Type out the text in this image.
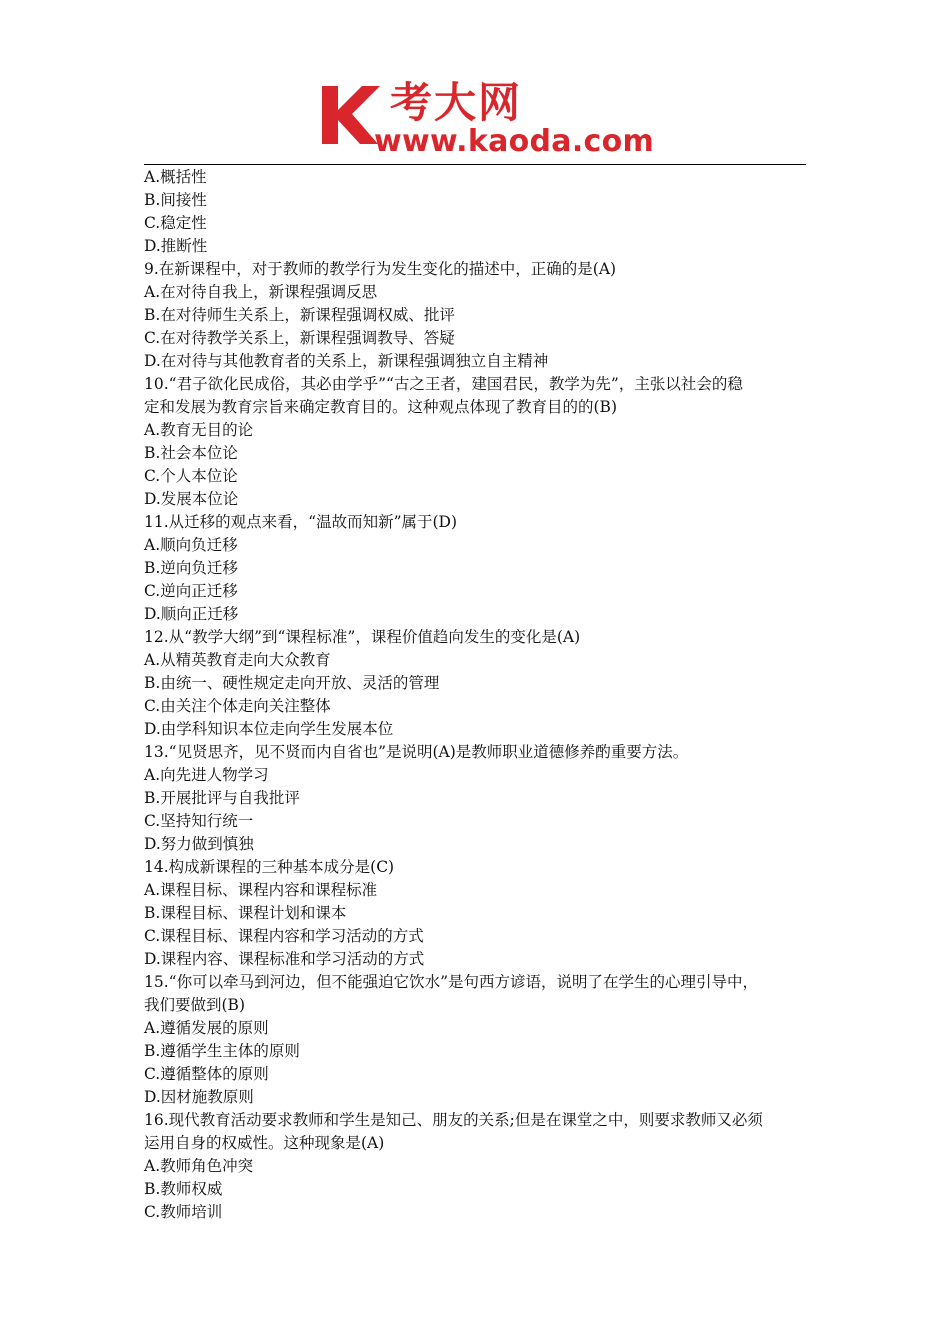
考大网
www.kaoda.com
A.概括性
B.间接性
C.稳定性
D.推断性
9.在新课程中，对于教师的教学行为发生变化的描述中，正确的是(A)
A.在对待自我上，新课程强调反思
B.在对待师生关系上，新课程强调权威、批评
C.在对待教学关系上，新课程强调教导、答疑
D.在对待与其他教育者的关系上，新课程强调独立自主精神
10.“君子欲化民成俗，其必由学乎”“古之王者，建国君民，教学为先”，主张以社会的稳
定和发展为教育宗旨来确定教育目的。这种观点体现了教育目的的(B)
A.教育无目的论
B.社会本位论
C.个人本位论
D.发展本位论
11.从迁移的观点来看，“温故而知新”属于(D)
A.顺向负迁移
B.逆向负迁移
C.逆向正迁移
D.顺向正迁移
12.从“教学大纲”到“课程标准”，课程价值趋向发生的变化是(A)
A.从精英教育走向大众教育
B.由统一、硬性规定走向开放、灵活的管理
C.由关注个体走向关注整体
D.由学科知识本位走向学生发展本位
13.“见贤思齐，见不贤而内自省也”是说明(A)是教师职业道德修养酌重要方法。
A.向先进人物学习
B.开展批评与自我批评
C.坚持知行统一
D.努力做到慎独
14.构成新课程的三种基本成分是(C)
A.课程目标、课程内容和课程标准
B.课程目标、课程计划和课本
C.课程目标、课程内容和学习活动的方式
D.课程内容、课程标准和学习活动的方式
15.“你可以牵马到河边，但不能强迫它饮水”是句西方谚语，说明了在学生的心理引导中，
我们要做到(B)
A.遵循发展的原则
B.遵循学生主体的原则
C.遵循整体的原则
D.因材施教原则
16.现代教育活动要求教师和学生是知己、朋友的关系;但是在课堂之中，则要求教师又必须
运用自身的权威性。这种现象是(A)
A.教师角色冲突
B.教师权威
C.教师培训
